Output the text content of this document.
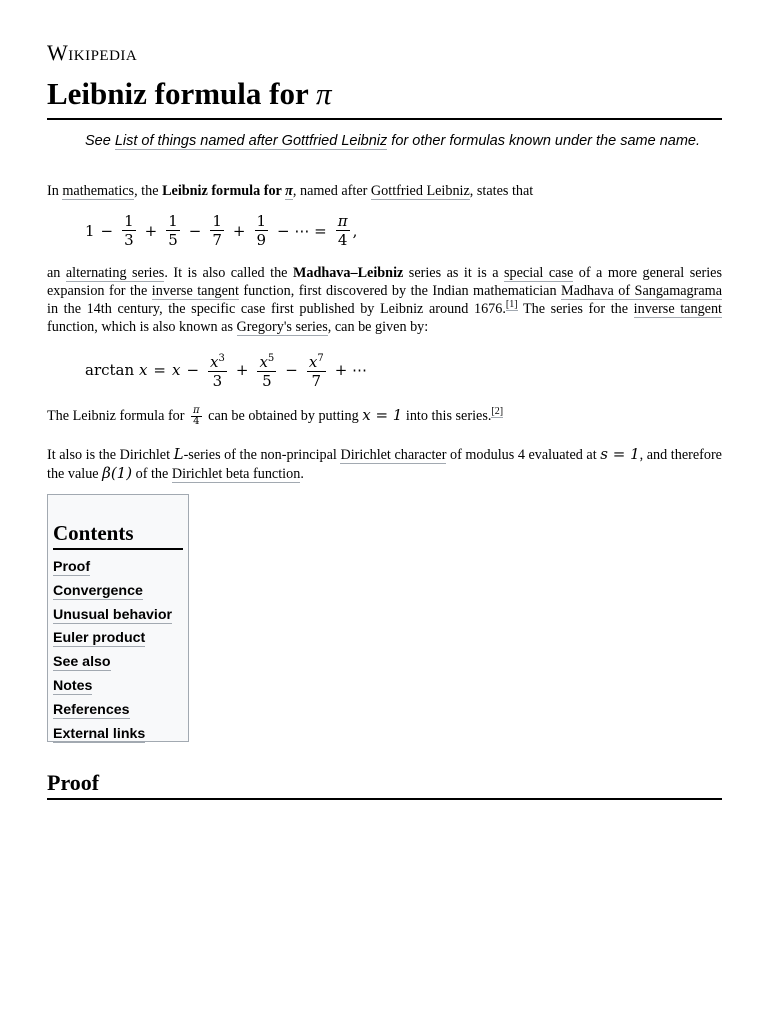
Wikipedia
Leibniz formula for π
See List of things named after Gottfried Leibniz for other formulas known under the same name.
In mathematics, the Leibniz formula for π, named after Gottfried Leibniz, states that
$1 - \frac{1}{3} + \frac{1}{5} - \frac{1}{7} + \frac{1}{9}$ − ⋯ = $\frac{\pi}{4}$ ,
an alternating series. It is also called the Madhava–Leibniz series as it is a special case of a more general series expansion for the inverse tangent function, first discovered by the Indian mathematician Madhava of Sangamagrama in the 14th century, the specific case first published by Leibniz around 1676.[1] The series for the inverse tangent function, which is also known as Gregory's series, can be given by:
arctan
$x = x - \frac{x^3}{3} + \frac{x^5}{5} - \frac{x^7}{7}$ + ⋯
The Leibniz formula for $\frac{\pi}{4}$ can be obtained by putting x = 1 into this series.[2]
It also is the Dirichlet L-series of the non-principal Dirichlet character of modulus 4 evaluated at s = 1, and therefore the value β(1) of the Dirichlet beta function.
Contents
Proof
Convergence
Unusual behavior
Euler product
See also
Notes
References
External links
Proof
